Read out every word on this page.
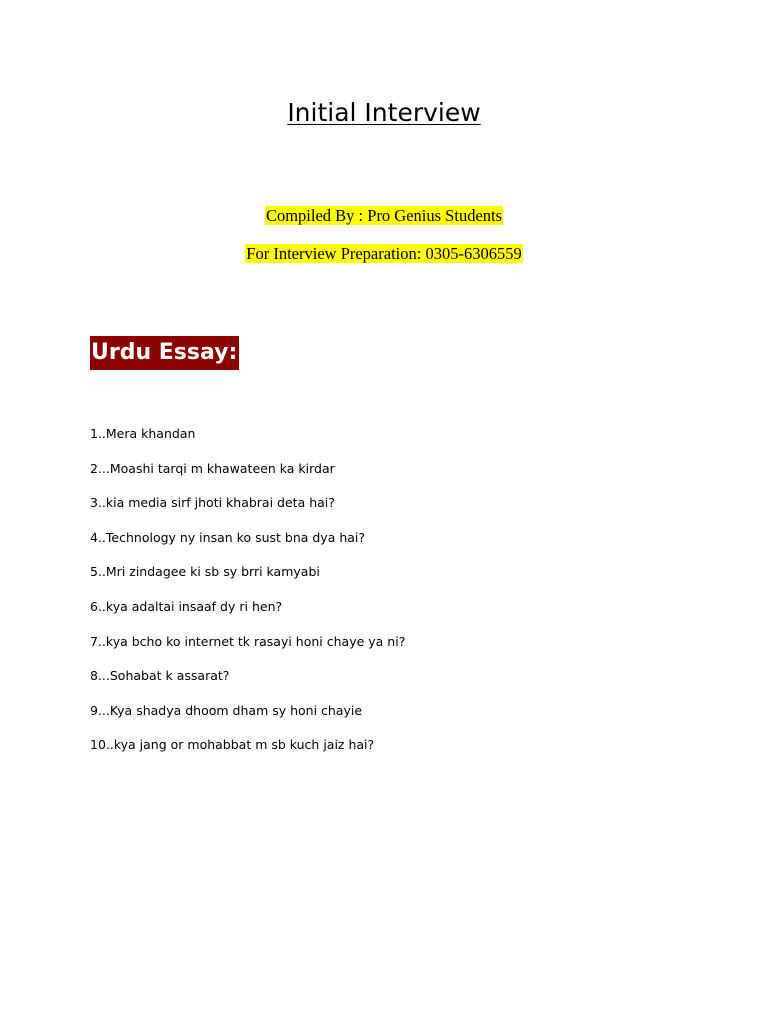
Initial Interview
Compiled By : Pro Genius Students
For Interview Preparation: 0305-6306559
Urdu Essay:
1..Mera khandan
2...Moashi tarqi m khawateen ka kirdar
3..kia media sirf jhoti khabrai deta hai?
4..Technology ny insan ko sust bna dya hai?
5..Mri zindagee ki sb sy brri kamyabi
6..kya adaltai insaaf dy ri hen?
7..kya bcho ko internet tk rasayi honi chaye ya ni?
8...Sohabat k assarat?
9...Kya shadya dhoom dham sy honi chayie
10..kya jang or mohabbat m sb kuch jaiz hai?
